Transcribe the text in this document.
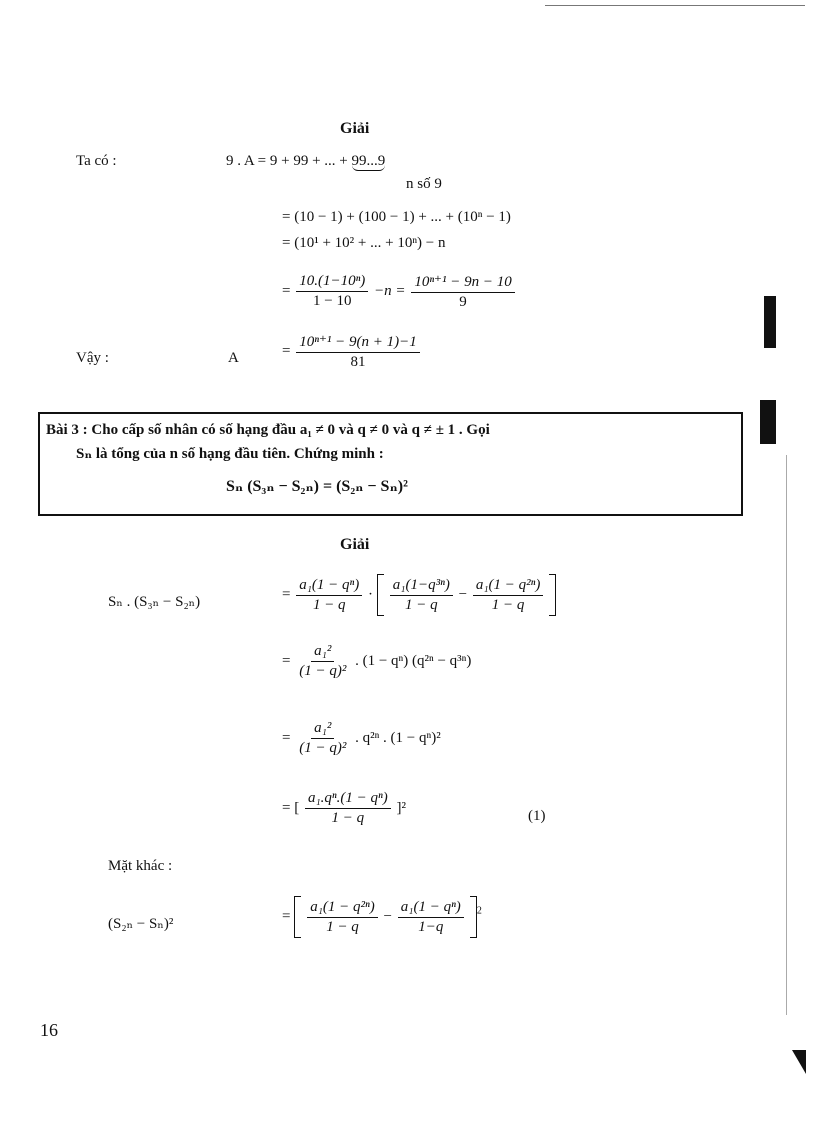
Giải
Ta có :	9 . A = 9 + 99 + ... + 99...9
n số 9
= (10 − 1) + (100 − 1) + ... + (10ⁿ − 1)
= (10¹ + 10² + ... + 10ⁿ) − n
= $\frac{\text{10.(1−10ⁿ)}}{1 - 10} -n = \frac{\text{10ⁿ⁺¹ − 9n − 10}}{9}$
Vậy :	A	= $\frac{\text{10ⁿ⁺¹ − 9(n + 1)−1}}{81}$
Bài 3 : Cho cấp số nhân có số hạng đầu a₁ ≠ 0 và q ≠ 0 và q ≠ ± 1 . Gọi
Sₙ là tổng của n số hạng đầu tiên. Chứng minh :
Sₙ (S₃ₙ − S₂ₙ) = (S₂ₙ − Sₙ)²
Giải
Sₙ . (S₃ₙ − S₂ₙ)	= $\frac{\text{a₁(1 − qⁿ)}}{1 - q} \cdot \frac{\text{a₁(1−q³ⁿ)}}{1 - q} - \frac{\text{a₁(1 − q²ⁿ)}}{1 - q}$
= $\frac{\text{a₁²}}{\text{(1 − q)²}}$ . (1 − qⁿ) (q²ⁿ − q³ⁿ)
= $\frac{\text{a₁²}}{\text{(1 − q)²}}$ . q²ⁿ . (1 − qⁿ)²
= [ $\frac{\text{a₁.qⁿ.(1 − qⁿ)}}{1 - q} ]^2$
(1)
Mặt khác :
(S₂ₙ − Sₙ)²	= $\frac{\text{a₁(1 − q²ⁿ)}}{1 - q} - \frac{\text{a₁(1 − qⁿ)}}{1-q} ^2$
16
